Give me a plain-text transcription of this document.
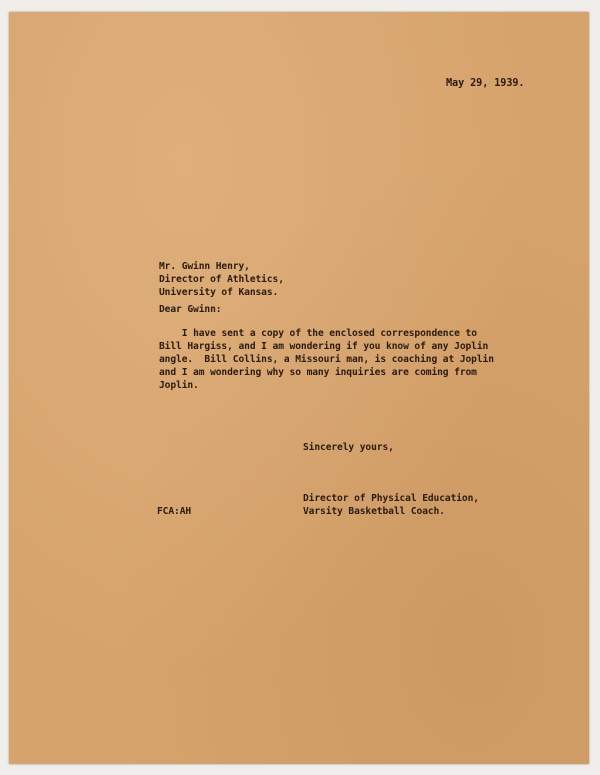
May 29, 1939.
Mr. Gwinn Henry,
Director of Athletics,
University of Kansas.
Dear Gwinn:
I have sent a copy of the enclosed correspondence to
Bill Hargiss, and I am wondering if you know of any Joplin
angle.  Bill Collins, a Missouri man, is coaching at Joplin
and I am wondering why so many inquiries are coming from
Joplin.
Sincerely yours,
Director of Physical Education,
Varsity Basketball Coach.
FCA:AH
